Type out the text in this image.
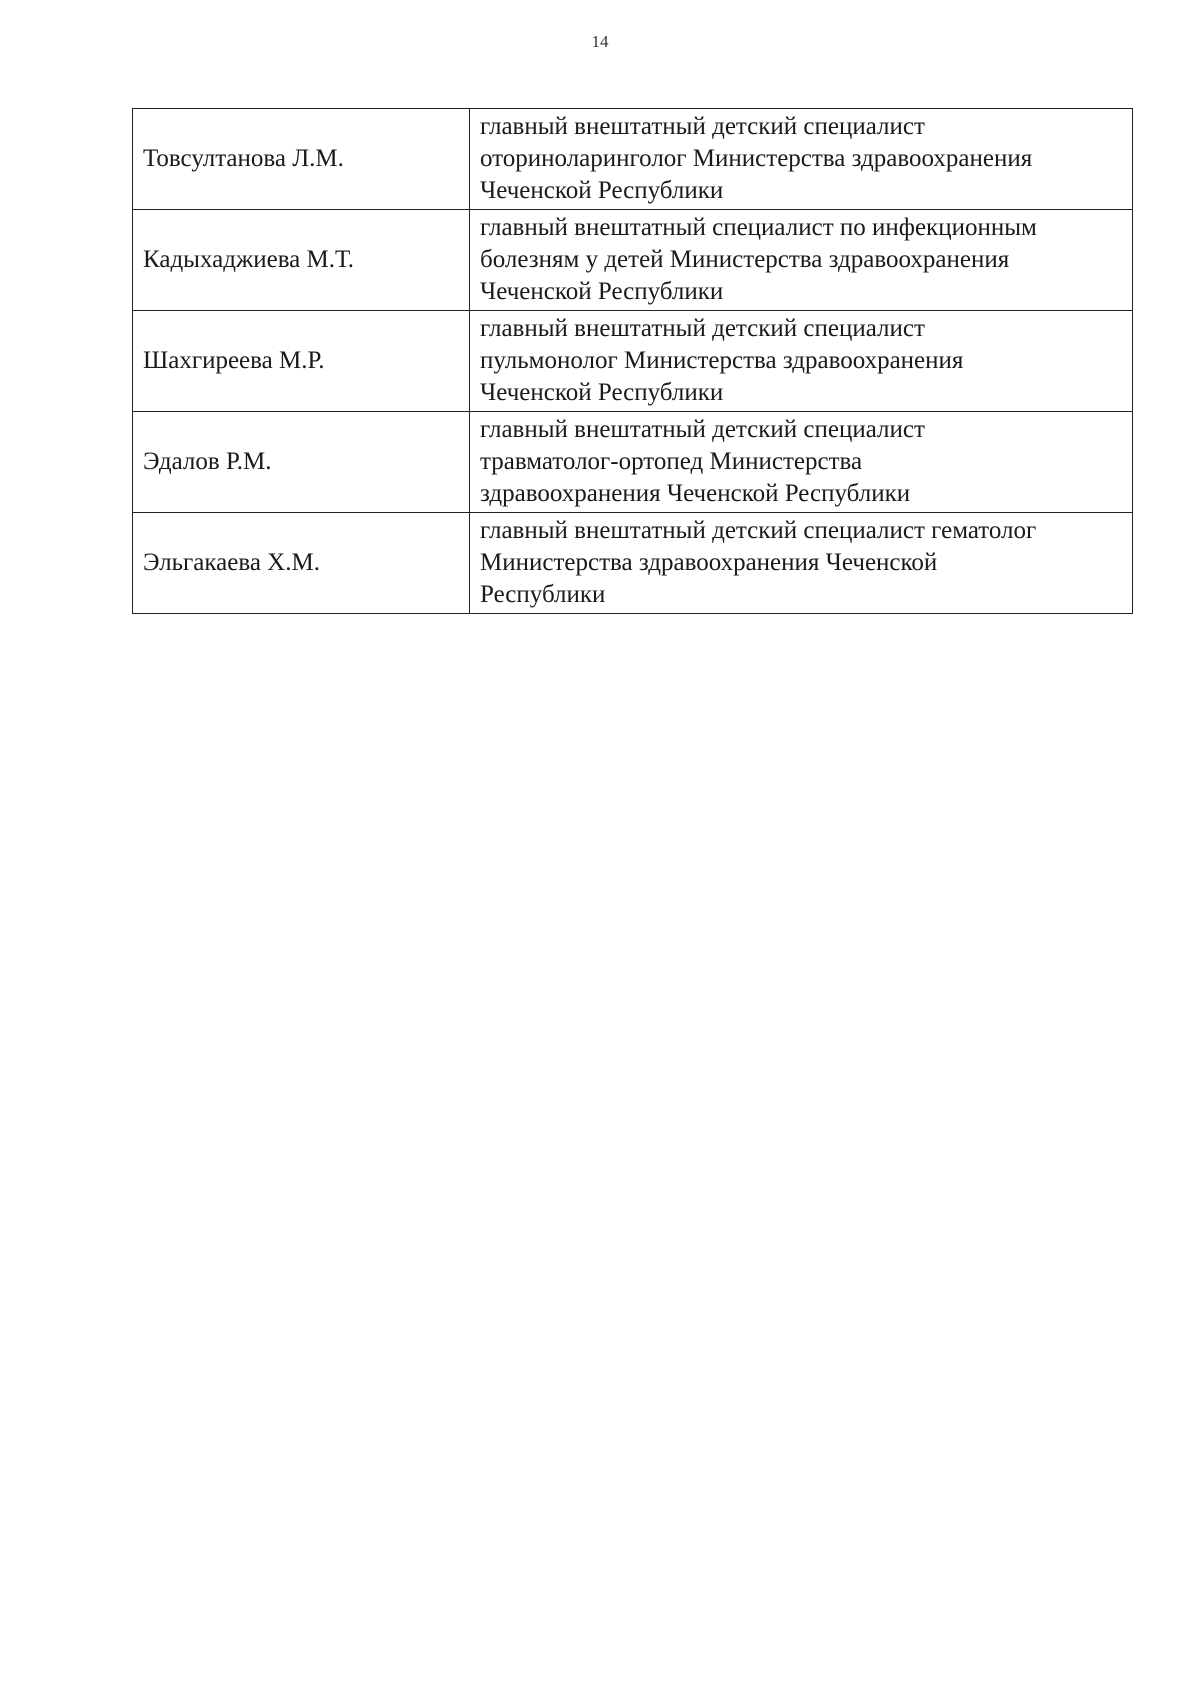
14
Товсултанова Л.М.	главный внештатный детский специалист
оториноларинголог Министерства здравоохранения
Чеченской Республики

Кадыхаджиева М.Т.	главный внештатный специалист по инфекционным
болезням у детей Министерства здравоохранения
Чеченской Республики

Шахгиреева М.Р.	главный внештатный детский специалист
пульмонолог Министерства здравоохранения
Чеченской Республики

Эдалов Р.М.	главный внештатный детский специалист
травматолог-ортопед Министерства
здравоохранения Чеченской Республики

Эльгакаева Х.М.	главный внештатный детский специалист гематолог
Министерства здравоохранения Чеченской
Республики
